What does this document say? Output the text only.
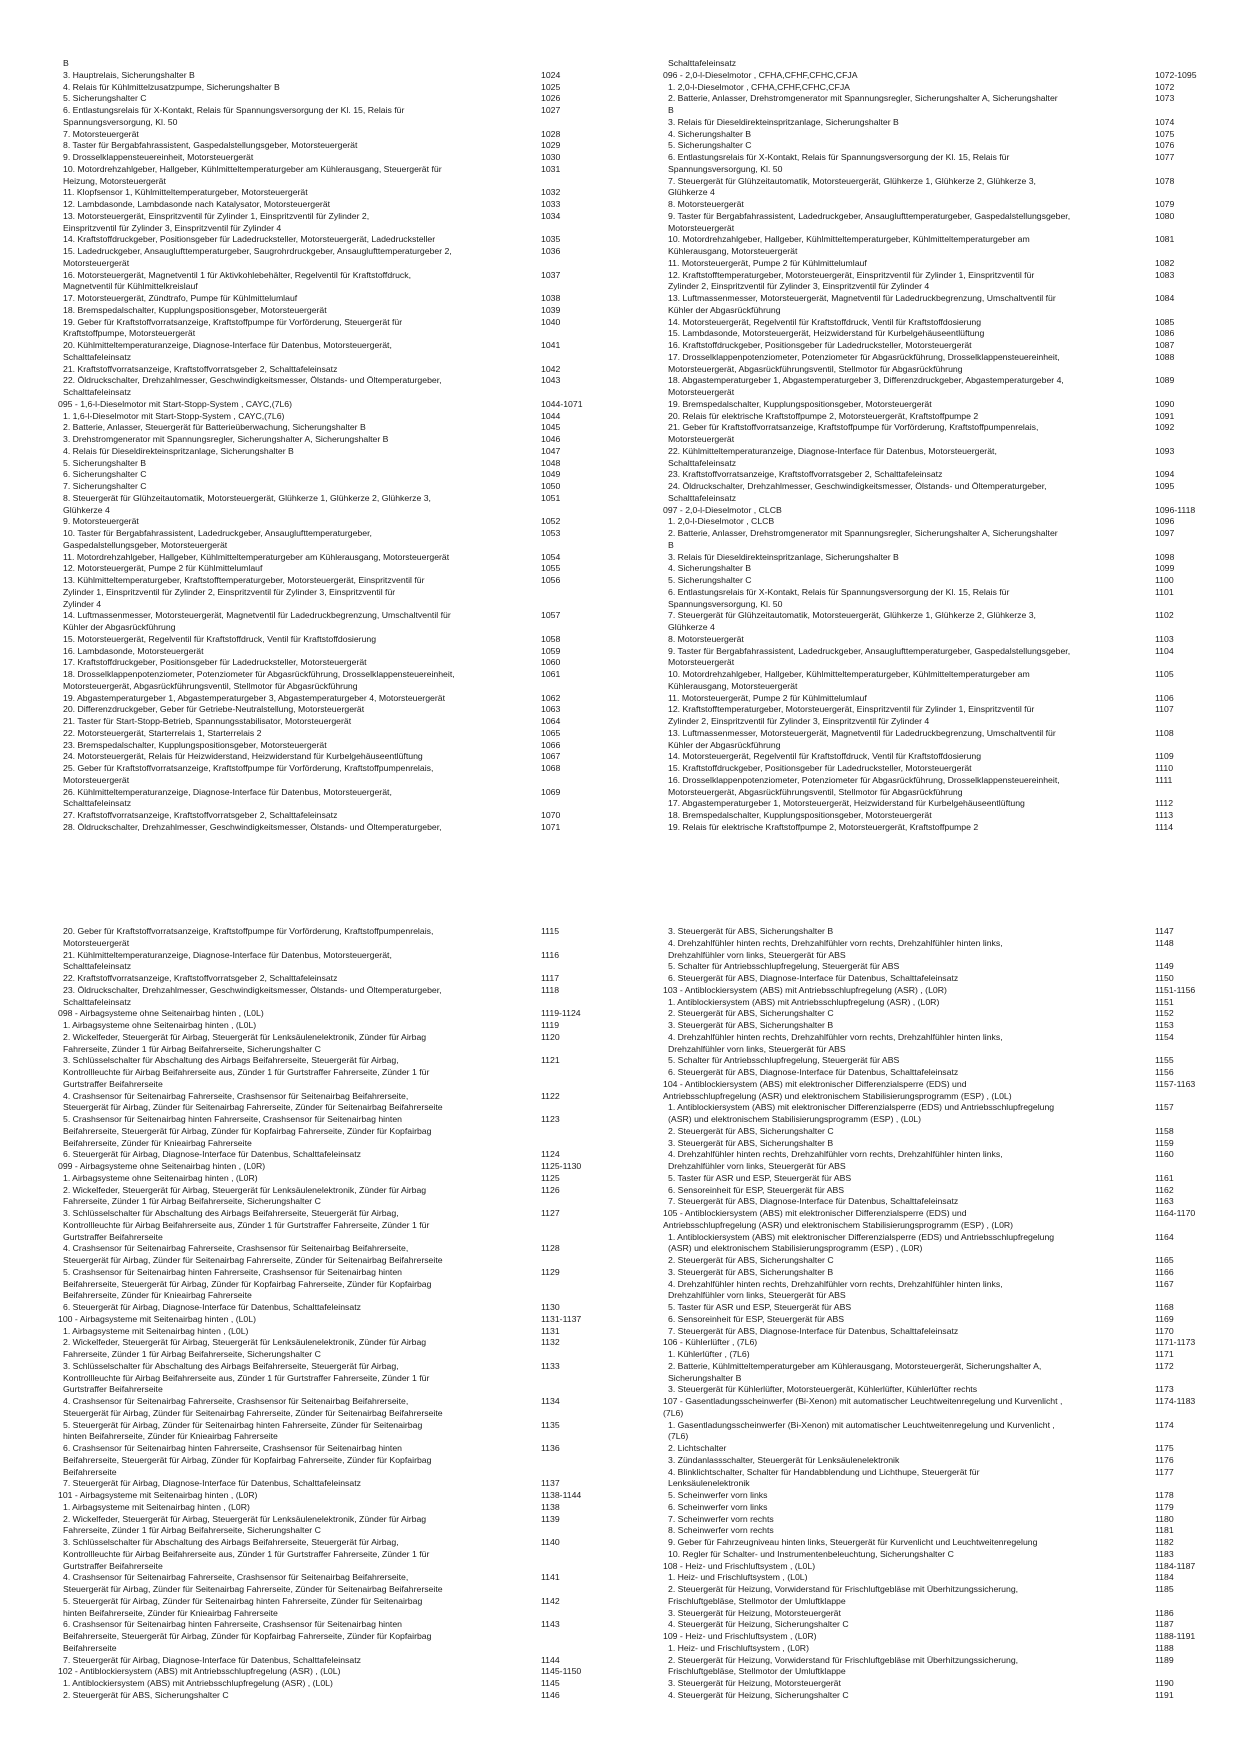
B
3. Hauptrelais, Sicherungshalter B	1024
4. Relais für Kühlmittelzusatzpumpe, Sicherungshalter B	1025
5. Sicherungshalter C	1026
6. Entlastungsrelais für X-Kontakt, Relais für Spannungsversorgung der Kl. 15, Relais für	1027
Spannungsversorgung, Kl. 50
7. Motorsteuergerät	1028
8. Taster für Bergabfahrassistent, Gaspedalstellungsgeber, Motorsteuergerät	1029
9. Drosselklappensteuereinheit, Motorsteuergerät	1030
10. Motordrehzahlgeber, Hallgeber, Kühlmitteltemperaturgeber am Kühlerausgang, Steuergerät für	1031
Heizung, Motorsteuergerät
11. Klopfsensor 1, Kühlmitteltemperaturgeber, Motorsteuergerät	1032
12. Lambdasonde, Lambdasonde nach Katalysator, Motorsteuergerät	1033
13. Motorsteuergerät, Einspritzventil für Zylinder 1, Einspritzventil für Zylinder 2,	1034
Einspritzventil für Zylinder 3, Einspritzventil für Zylinder 4
14. Kraftstoffdruckgeber, Positionsgeber für Ladedrucksteller, Motorsteuergerät, Ladedrucksteller	1035
15. Ladedruckgeber, Ansauglufttemperaturgeber, Saugrohrdruckgeber, Ansauglufttemperaturgeber 2,	1036
Motorsteuergerät
16. Motorsteuergerät, Magnetventil 1 für Aktivkohlebehälter, Regelventil für Kraftstoffdruck,	1037
Magnetventil für Kühlmittelkreislauf
17. Motorsteuergerät, Zündtrafo, Pumpe für Kühlmittelumlauf	1038
18. Bremspedalschalter, Kupplungspositionsgeber, Motorsteuergerät	1039
19. Geber für Kraftstoffvorratsanzeige, Kraftstoffpumpe für Vorförderung, Steuergerät für	1040
Kraftstoffpumpe, Motorsteuergerät
20. Kühlmitteltemperaturanzeige, Diagnose-Interface für Datenbus, Motorsteuergerät,	1041
Schalttafeleinsatz
21. Kraftstoffvorratsanzeige, Kraftstoffvorratsgeber 2, Schalttafeleinsatz	1042
22. Öldruckschalter, Drehzahlmesser, Geschwindigkeitsmesser, Ölstands- und Öltemperaturgeber,	1043
Schalttafeleinsatz
095 - 1,6-l-Dieselmotor mit Start-Stopp-System , CAYC,(7L6)	1044-1071
1. 1,6-l-Dieselmotor mit Start-Stopp-System , CAYC,(7L6)	1044
2. Batterie, Anlasser, Steuergerät für Batterieüberwachung, Sicherungshalter B	1045
3. Drehstromgenerator mit Spannungsregler, Sicherungshalter A, Sicherungshalter B	1046
4. Relais für Dieseldirekteinspritzanlage, Sicherungshalter B	1047
5. Sicherungshalter B	1048
6. Sicherungshalter C	1049
7. Sicherungshalter C	1050
8. Steuergerät für Glühzeitautomatik, Motorsteuergerät, Glühkerze 1, Glühkerze 2, Glühkerze 3,	1051
Glühkerze 4
9. Motorsteuergerät	1052
10. Taster für Bergabfahrassistent, Ladedruckgeber, Ansauglufttemperaturgeber,	1053
Gaspedalstellungsgeber, Motorsteuergerät
11. Motordrehzahlgeber, Hallgeber, Kühlmitteltemperaturgeber am Kühlerausgang, Motorsteuergerät	1054
12. Motorsteuergerät, Pumpe 2 für Kühlmittelumlauf	1055
13. Kühlmitteltemperaturgeber, Kraftstofftemperaturgeber, Motorsteuergerät, Einspritzventil für	1056
Zylinder 1, Einspritzventil für Zylinder 2, Einspritzventil für Zylinder 3, Einspritzventil für
Zylinder 4
14. Luftmassenmesser, Motorsteuergerät, Magnetventil für Ladedruckbegrenzung, Umschaltventil für	1057
Kühler der Abgasrückführung
15. Motorsteuergerät, Regelventil für Kraftstoffdruck, Ventil für Kraftstoffdosierung	1058
16. Lambdasonde, Motorsteuergerät	1059
17. Kraftstoffdruckgeber, Positionsgeber für Ladedrucksteller, Motorsteuergerät	1060
18. Drosselklappenpotenziometer, Potenziometer für Abgasrückführung, Drosselklappensteuereinheit,	1061
Motorsteuergerät, Abgasrückführungsventil, Stellmotor für Abgasrückführung
19. Abgastemperaturgeber 1, Abgastemperaturgeber 3, Abgastemperaturgeber 4, Motorsteuergerät	1062
20. Differenzdruckgeber, Geber für Getriebe-Neutralstellung, Motorsteuergerät	1063
21. Taster für Start-Stopp-Betrieb, Spannungsstabilisator, Motorsteuergerät	1064
22. Motorsteuergerät, Starterrelais 1, Starterrelais 2	1065
23. Bremspedalschalter, Kupplungspositionsgeber, Motorsteuergerät	1066
24. Motorsteuergerät, Relais für Heizwiderstand, Heizwiderstand für Kurbelgehäuseentlüftung	1067
25. Geber für Kraftstoffvorratsanzeige, Kraftstoffpumpe für Vorförderung, Kraftstoffpumpenrelais,	1068
Motorsteuergerät
26. Kühlmitteltemperaturanzeige, Diagnose-Interface für Datenbus, Motorsteuergerät,	1069
Schalttafeleinsatz
27. Kraftstoffvorratsanzeige, Kraftstoffvorratsgeber 2, Schalttafeleinsatz	1070
28. Öldruckschalter, Drehzahlmesser, Geschwindigkeitsmesser, Ölstands- und Öltemperaturgeber,	1071
Schalttafeleinsatz
096 - 2,0-l-Dieselmotor , CFHA,CFHF,CFHC,CFJA	1072-1095
1. 2,0-l-Dieselmotor , CFHA,CFHF,CFHC,CFJA	1072
2. Batterie, Anlasser, Drehstromgenerator mit Spannungsregler, Sicherungshalter A, Sicherungshalter	1073
B
3. Relais für Dieseldirekteinspritzanlage, Sicherungshalter B	1074
4. Sicherungshalter B	1075
5. Sicherungshalter C	1076
6. Entlastungsrelais für X-Kontakt, Relais für Spannungsversorgung der Kl. 15, Relais für	1077
Spannungsversorgung, Kl. 50
7. Steuergerät für Glühzeitautomatik, Motorsteuergerät, Glühkerze 1, Glühkerze 2, Glühkerze 3,	1078
Glühkerze 4
8. Motorsteuergerät	1079
9. Taster für Bergabfahrassistent, Ladedruckgeber, Ansauglufttemperaturgeber, Gaspedalstellungsgeber,	1080
Motorsteuergerät
10. Motordrehzahlgeber, Hallgeber, Kühlmitteltemperaturgeber, Kühlmitteltemperaturgeber am	1081
Kühlerausgang, Motorsteuergerät
11. Motorsteuergerät, Pumpe 2 für Kühlmittelumlauf	1082
12. Kraftstofftemperaturgeber, Motorsteuergerät, Einspritzventil für Zylinder 1, Einspritzventil für	1083
Zylinder 2, Einspritzventil für Zylinder 3, Einspritzventil für Zylinder 4
13. Luftmassenmesser, Motorsteuergerät, Magnetventil für Ladedruckbegrenzung, Umschaltventil für	1084
Kühler der Abgasrückführung
14. Motorsteuergerät, Regelventil für Kraftstoffdruck, Ventil für Kraftstoffdosierung	1085
15. Lambdasonde, Motorsteuergerät, Heizwiderstand für Kurbelgehäuseentlüftung	1086
16. Kraftstoffdruckgeber, Positionsgeber für Ladedrucksteller, Motorsteuergerät	1087
17. Drosselklappenpotenziometer, Potenziometer für Abgasrückführung, Drosselklappensteuereinheit,	1088
Motorsteuergerät, Abgasrückführungsventil, Stellmotor für Abgasrückführung
18. Abgastemperaturgeber 1, Abgastemperaturgeber 3, Differenzdruckgeber, Abgastemperaturgeber 4,	1089
Motorsteuergerät
19. Bremspedalschalter, Kupplungspositionsgeber, Motorsteuergerät	1090
20. Relais für elektrische Kraftstoffpumpe 2, Motorsteuergerät, Kraftstoffpumpe 2	1091
21. Geber für Kraftstoffvorratsanzeige, Kraftstoffpumpe für Vorförderung, Kraftstoffpumpenrelais,	1092
Motorsteuergerät
22. Kühlmitteltemperaturanzeige, Diagnose-Interface für Datenbus, Motorsteuergerät,	1093
Schalttafeleinsatz
23. Kraftstoffvorratsanzeige, Kraftstoffvorratsgeber 2, Schalttafeleinsatz	1094
24. Öldruckschalter, Drehzahlmesser, Geschwindigkeitsmesser, Ölstands- und Öltemperaturgeber,	1095
Schalttafeleinsatz
097 - 2,0-l-Dieselmotor , CLCB	1096-1118
1. 2,0-l-Dieselmotor , CLCB	1096
2. Batterie, Anlasser, Drehstromgenerator mit Spannungsregler, Sicherungshalter A, Sicherungshalter	1097
B
3. Relais für Dieseldirekteinspritzanlage, Sicherungshalter B	1098
4. Sicherungshalter B	1099
5. Sicherungshalter C	1100
6. Entlastungsrelais für X-Kontakt, Relais für Spannungsversorgung der Kl. 15, Relais für	1101
Spannungsversorgung, Kl. 50
7. Steuergerät für Glühzeitautomatik, Motorsteuergerät, Glühkerze 1, Glühkerze 2, Glühkerze 3,	1102
Glühkerze 4
8. Motorsteuergerät	1103
9. Taster für Bergabfahrassistent, Ladedruckgeber, Ansauglufttemperaturgeber, Gaspedalstellungsgeber,	1104
Motorsteuergerät
10. Motordrehzahlgeber, Hallgeber, Kühlmitteltemperaturgeber, Kühlmitteltemperaturgeber am	1105
Kühlerausgang, Motorsteuergerät
11. Motorsteuergerät, Pumpe 2 für Kühlmittelumlauf	1106
12. Kraftstofftemperaturgeber, Motorsteuergerät, Einspritzventil für Zylinder 1, Einspritzventil für	1107
Zylinder 2, Einspritzventil für Zylinder 3, Einspritzventil für Zylinder 4
13. Luftmassenmesser, Motorsteuergerät, Magnetventil für Ladedruckbegrenzung, Umschaltventil für	1108
Kühler der Abgasrückführung
14. Motorsteuergerät, Regelventil für Kraftstoffdruck, Ventil für Kraftstoffdosierung	1109
15. Kraftstoffdruckgeber, Positionsgeber für Ladedrucksteller, Motorsteuergerät	1110
16. Drosselklappenpotenziometer, Potenziometer für Abgasrückführung, Drosselklappensteuereinheit,	1111
Motorsteuergerät, Abgasrückführungsventil, Stellmotor für Abgasrückführung
17. Abgastemperaturgeber 1, Motorsteuergerät, Heizwiderstand für Kurbelgehäuseentlüftung	1112
18. Bremspedalschalter, Kupplungspositionsgeber, Motorsteuergerät	1113
19. Relais für elektrische Kraftstoffpumpe 2, Motorsteuergerät, Kraftstoffpumpe 2	1114
20. Geber für Kraftstoffvorratsanzeige, Kraftstoffpumpe für Vorförderung, Kraftstoffpumpenrelais,	1115
Motorsteuergerät
21. Kühlmitteltemperaturanzeige, Diagnose-Interface für Datenbus, Motorsteuergerät,	1116
Schalttafeleinsatz
22. Kraftstoffvorratsanzeige, Kraftstoffvorratsgeber 2, Schalttafeleinsatz	1117
23. Öldruckschalter, Drehzahlmesser, Geschwindigkeitsmesser, Ölstands- und Öltemperaturgeber,	1118
Schalttafeleinsatz
098 - Airbagsysteme ohne Seitenairbag hinten , (L0L)	1119-1124
1. Airbagsysteme ohne Seitenairbag hinten , (L0L)	1119
2. Wickelfeder, Steuergerät für Airbag, Steuergerät für Lenksäulenelektronik, Zünder für Airbag	1120
Fahrerseite, Zünder 1 für Airbag Beifahrerseite, Sicherungshalter C
3. Schlüsselschalter für Abschaltung des Airbags Beifahrerseite, Steuergerät für Airbag,	1121
Kontrollleuchte für Airbag Beifahrerseite aus, Zünder 1 für Gurtstraffer Fahrerseite, Zünder 1 für
Gurtstraffer Beifahrerseite
4. Crashsensor für Seitenairbag Fahrerseite, Crashsensor für Seitenairbag Beifahrerseite,	1122
Steuergerät für Airbag, Zünder für Seitenairbag Fahrerseite, Zünder für Seitenairbag Beifahrerseite
5. Crashsensor für Seitenairbag hinten Fahrerseite, Crashsensor für Seitenairbag hinten	1123
Beifahrerseite, Steuergerät für Airbag, Zünder für Kopfairbag Fahrerseite, Zünder für Kopfairbag
Beifahrerseite, Zünder für Knieairbag Fahrerseite
6. Steuergerät für Airbag, Diagnose-Interface für Datenbus, Schalttafeleinsatz	1124
099 - Airbagsysteme ohne Seitenairbag hinten , (L0R)	1125-1130
1. Airbagsysteme ohne Seitenairbag hinten , (L0R)	1125
2. Wickelfeder, Steuergerät für Airbag, Steuergerät für Lenksäulenelektronik, Zünder für Airbag	1126
Fahrerseite, Zünder 1 für Airbag Beifahrerseite, Sicherungshalter C
3. Schlüsselschalter für Abschaltung des Airbags Beifahrerseite, Steuergerät für Airbag,	1127
Kontrollleuchte für Airbag Beifahrerseite aus, Zünder 1 für Gurtstraffer Fahrerseite, Zünder 1 für
Gurtstraffer Beifahrerseite
4. Crashsensor für Seitenairbag Fahrerseite, Crashsensor für Seitenairbag Beifahrerseite,	1128
Steuergerät für Airbag, Zünder für Seitenairbag Fahrerseite, Zünder für Seitenairbag Beifahrerseite
5. Crashsensor für Seitenairbag hinten Fahrerseite, Crashsensor für Seitenairbag hinten	1129
Beifahrerseite, Steuergerät für Airbag, Zünder für Kopfairbag Fahrerseite, Zünder für Kopfairbag
Beifahrerseite, Zünder für Knieairbag Fahrerseite
6. Steuergerät für Airbag, Diagnose-Interface für Datenbus, Schalttafeleinsatz	1130
100 - Airbagsysteme mit Seitenairbag hinten , (L0L)	1131-1137
1. Airbagsysteme mit Seitenairbag hinten , (L0L)	1131
2. Wickelfeder, Steuergerät für Airbag, Steuergerät für Lenksäulenelektronik, Zünder für Airbag	1132
Fahrerseite, Zünder 1 für Airbag Beifahrerseite, Sicherungshalter C
3. Schlüsselschalter für Abschaltung des Airbags Beifahrerseite, Steuergerät für Airbag,	1133
Kontrollleuchte für Airbag Beifahrerseite aus, Zünder 1 für Gurtstraffer Fahrerseite, Zünder 1 für
Gurtstraffer Beifahrerseite
4. Crashsensor für Seitenairbag Fahrerseite, Crashsensor für Seitenairbag Beifahrerseite,	1134
Steuergerät für Airbag, Zünder für Seitenairbag Fahrerseite, Zünder für Seitenairbag Beifahrerseite
5. Steuergerät für Airbag, Zünder für Seitenairbag hinten Fahrerseite, Zünder für Seitenairbag	1135
hinten Beifahrerseite, Zünder für Knieairbag Fahrerseite
6. Crashsensor für Seitenairbag hinten Fahrerseite, Crashsensor für Seitenairbag hinten	1136
Beifahrerseite, Steuergerät für Airbag, Zünder für Kopfairbag Fahrerseite, Zünder für Kopfairbag
Beifahrerseite
7. Steuergerät für Airbag, Diagnose-Interface für Datenbus, Schalttafeleinsatz	1137
101 - Airbagsysteme mit Seitenairbag hinten , (L0R)	1138-1144
1. Airbagsysteme mit Seitenairbag hinten , (L0R)	1138
2. Wickelfeder, Steuergerät für Airbag, Steuergerät für Lenksäulenelektronik, Zünder für Airbag	1139
Fahrerseite, Zünder 1 für Airbag Beifahrerseite, Sicherungshalter C
3. Schlüsselschalter für Abschaltung des Airbags Beifahrerseite, Steuergerät für Airbag,	1140
Kontrollleuchte für Airbag Beifahrerseite aus, Zünder 1 für Gurtstraffer Fahrerseite, Zünder 1 für
Gurtstraffer Beifahrerseite
4. Crashsensor für Seitenairbag Fahrerseite, Crashsensor für Seitenairbag Beifahrerseite,	1141
Steuergerät für Airbag, Zünder für Seitenairbag Fahrerseite, Zünder für Seitenairbag Beifahrerseite
5. Steuergerät für Airbag, Zünder für Seitenairbag hinten Fahrerseite, Zünder für Seitenairbag	1142
hinten Beifahrerseite, Zünder für Knieairbag Fahrerseite
6. Crashsensor für Seitenairbag hinten Fahrerseite, Crashsensor für Seitenairbag hinten	1143
Beifahrerseite, Steuergerät für Airbag, Zünder für Kopfairbag Fahrerseite, Zünder für Kopfairbag
Beifahrerseite
7. Steuergerät für Airbag, Diagnose-Interface für Datenbus, Schalttafeleinsatz	1144
102 - Antiblockiersystem (ABS) mit Antriebsschlupfregelung (ASR) , (L0L)	1145-1150
1. Antiblockiersystem (ABS) mit Antriebsschlupfregelung (ASR) , (L0L)	1145
2. Steuergerät für ABS, Sicherungshalter C	1146
3. Steuergerät für ABS, Sicherungshalter B	1147
4. Drehzahlfühler hinten rechts, Drehzahlfühler vorn rechts, Drehzahlfühler hinten links,	1148
Drehzahlfühler vorn links, Steuergerät für ABS
5. Schalter für Antriebsschlupfregelung, Steuergerät für ABS	1149
6. Steuergerät für ABS, Diagnose-Interface für Datenbus, Schalttafeleinsatz	1150
103 - Antiblockiersystem (ABS) mit Antriebsschlupfregelung (ASR) , (L0R)	1151-1156
1. Antiblockiersystem (ABS) mit Antriebsschlupfregelung (ASR) , (L0R)	1151
2. Steuergerät für ABS, Sicherungshalter C	1152
3. Steuergerät für ABS, Sicherungshalter B	1153
4. Drehzahlfühler hinten rechts, Drehzahlfühler vorn rechts, Drehzahlfühler hinten links,	1154
Drehzahlfühler vorn links, Steuergerät für ABS
5. Schalter für Antriebsschlupfregelung, Steuergerät für ABS	1155
6. Steuergerät für ABS, Diagnose-Interface für Datenbus, Schalttafeleinsatz	1156
104 - Antiblockiersystem (ABS) mit elektronischer Differenzialsperre (EDS) und	1157-1163
Antriebsschlupfregelung (ASR) und elektronischem Stabilisierungsprogramm (ESP) , (L0L)
1. Antiblockiersystem (ABS) mit elektronischer Differenzialsperre (EDS) und Antriebsschlupfregelung	1157
(ASR) und elektronischem Stabilisierungsprogramm (ESP) , (L0L)
2. Steuergerät für ABS, Sicherungshalter C	1158
3. Steuergerät für ABS, Sicherungshalter B	1159
4. Drehzahlfühler hinten rechts, Drehzahlfühler vorn rechts, Drehzahlfühler hinten links,	1160
Drehzahlfühler vorn links, Steuergerät für ABS
5. Taster für ASR und ESP, Steuergerät für ABS	1161
6. Sensoreinheit für ESP, Steuergerät für ABS	1162
7. Steuergerät für ABS, Diagnose-Interface für Datenbus, Schalttafeleinsatz	1163
105 - Antiblockiersystem (ABS) mit elektronischer Differenzialsperre (EDS) und	1164-1170
Antriebsschlupfregelung (ASR) und elektronischem Stabilisierungsprogramm (ESP) , (L0R)
1. Antiblockiersystem (ABS) mit elektronischer Differenzialsperre (EDS) und Antriebsschlupfregelung	1164
(ASR) und elektronischem Stabilisierungsprogramm (ESP) , (L0R)
2. Steuergerät für ABS, Sicherungshalter C	1165
3. Steuergerät für ABS, Sicherungshalter B	1166
4. Drehzahlfühler hinten rechts, Drehzahlfühler vorn rechts, Drehzahlfühler hinten links,	1167
Drehzahlfühler vorn links, Steuergerät für ABS
5. Taster für ASR und ESP, Steuergerät für ABS	1168
6. Sensoreinheit für ESP, Steuergerät für ABS	1169
7. Steuergerät für ABS, Diagnose-Interface für Datenbus, Schalttafeleinsatz	1170
106 - Kühlerlüfter , (7L6)	1171-1173
1. Kühlerlüfter , (7L6)	1171
2. Batterie, Kühlmitteltemperaturgeber am Kühlerausgang, Motorsteuergerät, Sicherungshalter A,	1172
Sicherungshalter B
3. Steuergerät für Kühlerlüfter, Motorsteuergerät, Kühlerlüfter, Kühlerlüfter rechts	1173
107 - Gasentladungsscheinwerfer (Bi-Xenon) mit automatischer Leuchtweitenregelung und Kurvenlicht ,	1174-1183
(7L6)
1. Gasentladungsscheinwerfer (Bi-Xenon) mit automatischer Leuchtweitenregelung und Kurvenlicht ,	1174
(7L6)
2. Lichtschalter	1175
3. Zündanlassschalter, Steuergerät für Lenksäulenelektronik	1176
4. Blinklichtschalter, Schalter für Handabblendung und Lichthupe, Steuergerät für	1177
Lenksäulenelektronik
5. Scheinwerfer vorn links	1178
6. Scheinwerfer vorn links	1179
7. Scheinwerfer vorn rechts	1180
8. Scheinwerfer vorn rechts	1181
9. Geber für Fahrzeugniveau hinten links, Steuergerät für Kurvenlicht und Leuchtweitenregelung	1182
10. Regler für Schalter- und Instrumentenbeleuchtung, Sicherungshalter C	1183
108 - Heiz- und Frischluftsystem , (L0L)	1184-1187
1. Heiz- und Frischluftsystem , (L0L)	1184
2. Steuergerät für Heizung, Vorwiderstand für Frischluftgebläse mit Überhitzungssicherung,	1185
Frischluftgebläse, Stellmotor der Umluftklappe
3. Steuergerät für Heizung, Motorsteuergerät	1186
4. Steuergerät für Heizung, Sicherungshalter C	1187
109 - Heiz- und Frischluftsystem , (L0R)	1188-1191
1. Heiz- und Frischluftsystem , (L0R)	1188
2. Steuergerät für Heizung, Vorwiderstand für Frischluftgebläse mit Überhitzungssicherung,	1189
Frischluftgebläse, Stellmotor der Umluftklappe
3. Steuergerät für Heizung, Motorsteuergerät	1190
4. Steuergerät für Heizung, Sicherungshalter C	1191
